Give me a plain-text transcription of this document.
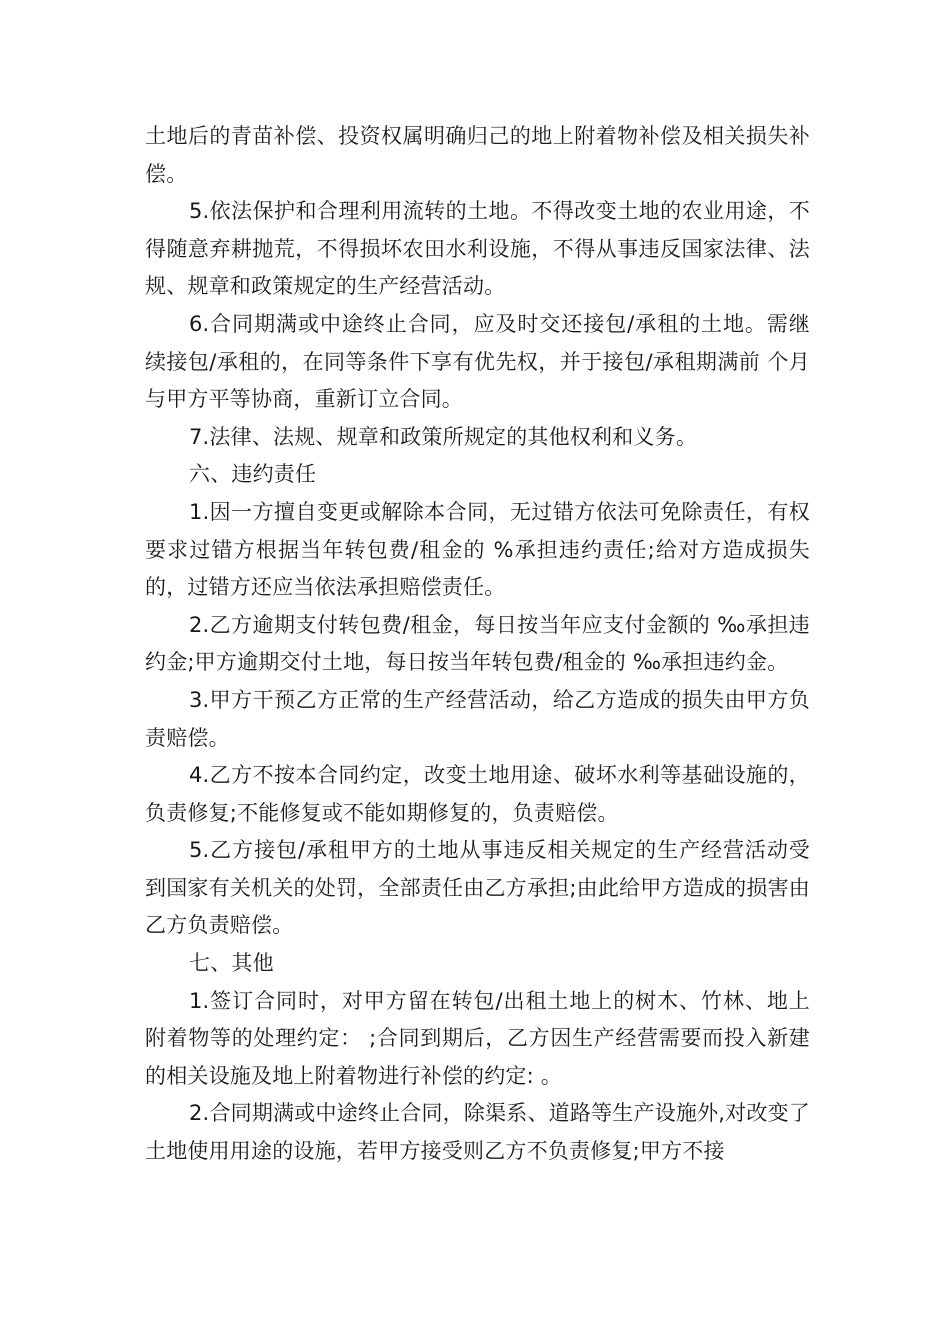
土地后的青苗补偿、投资权属明确归己的地上附着物补偿及相关损失补偿。

5.依法保护和合理利用流转的土地。不得改变土地的农业用途，不得随意弃耕抛荒，不得损坏农田水利设施，不得从事违反国家法律、法规、规章和政策规定的生产经营活动。

6.合同期满或中途终止合同，应及时交还接包/承租的土地。需继续接包/承租的，在同等条件下享有优先权，并于接包/承租期满前 个月与甲方平等协商，重新订立合同。

7.法律、法规、规章和政策所规定的其他权利和义务。

六、违约责任

1.因一方擅自变更或解除本合同，无过错方依法可免除责任，有权要求过错方根据当年转包费/租金的 %承担违约责任;给对方造成损失的，过错方还应当依法承担赔偿责任。

2.乙方逾期支付转包费/租金，每日按当年应支付金额的 ‰承担违约金;甲方逾期交付土地，每日按当年转包费/租金的 ‰承担违约金。

3.甲方干预乙方正常的生产经营活动，给乙方造成的损失由甲方负责赔偿。

4.乙方不按本合同约定，改变土地用途、破坏水利等基础设施的，负责修复;不能修复或不能如期修复的，负责赔偿。

5.乙方接包/承租甲方的土地从事违反相关规定的生产经营活动受到国家有关机关的处罚，全部责任由乙方承担;由此给甲方造成的损害由乙方负责赔偿。

七、其他

1.签订合同时，对甲方留在转包/出租土地上的树木、竹林、地上附着物等的处理约定： ;合同到期后，乙方因生产经营需要而投入新建的相关设施及地上附着物进行补偿的约定: 。

2.合同期满或中途终止合同，除渠系、道路等生产设施外,对改变了土地使用用途的设施，若甲方接受则乙方不负责修复;甲方不接
